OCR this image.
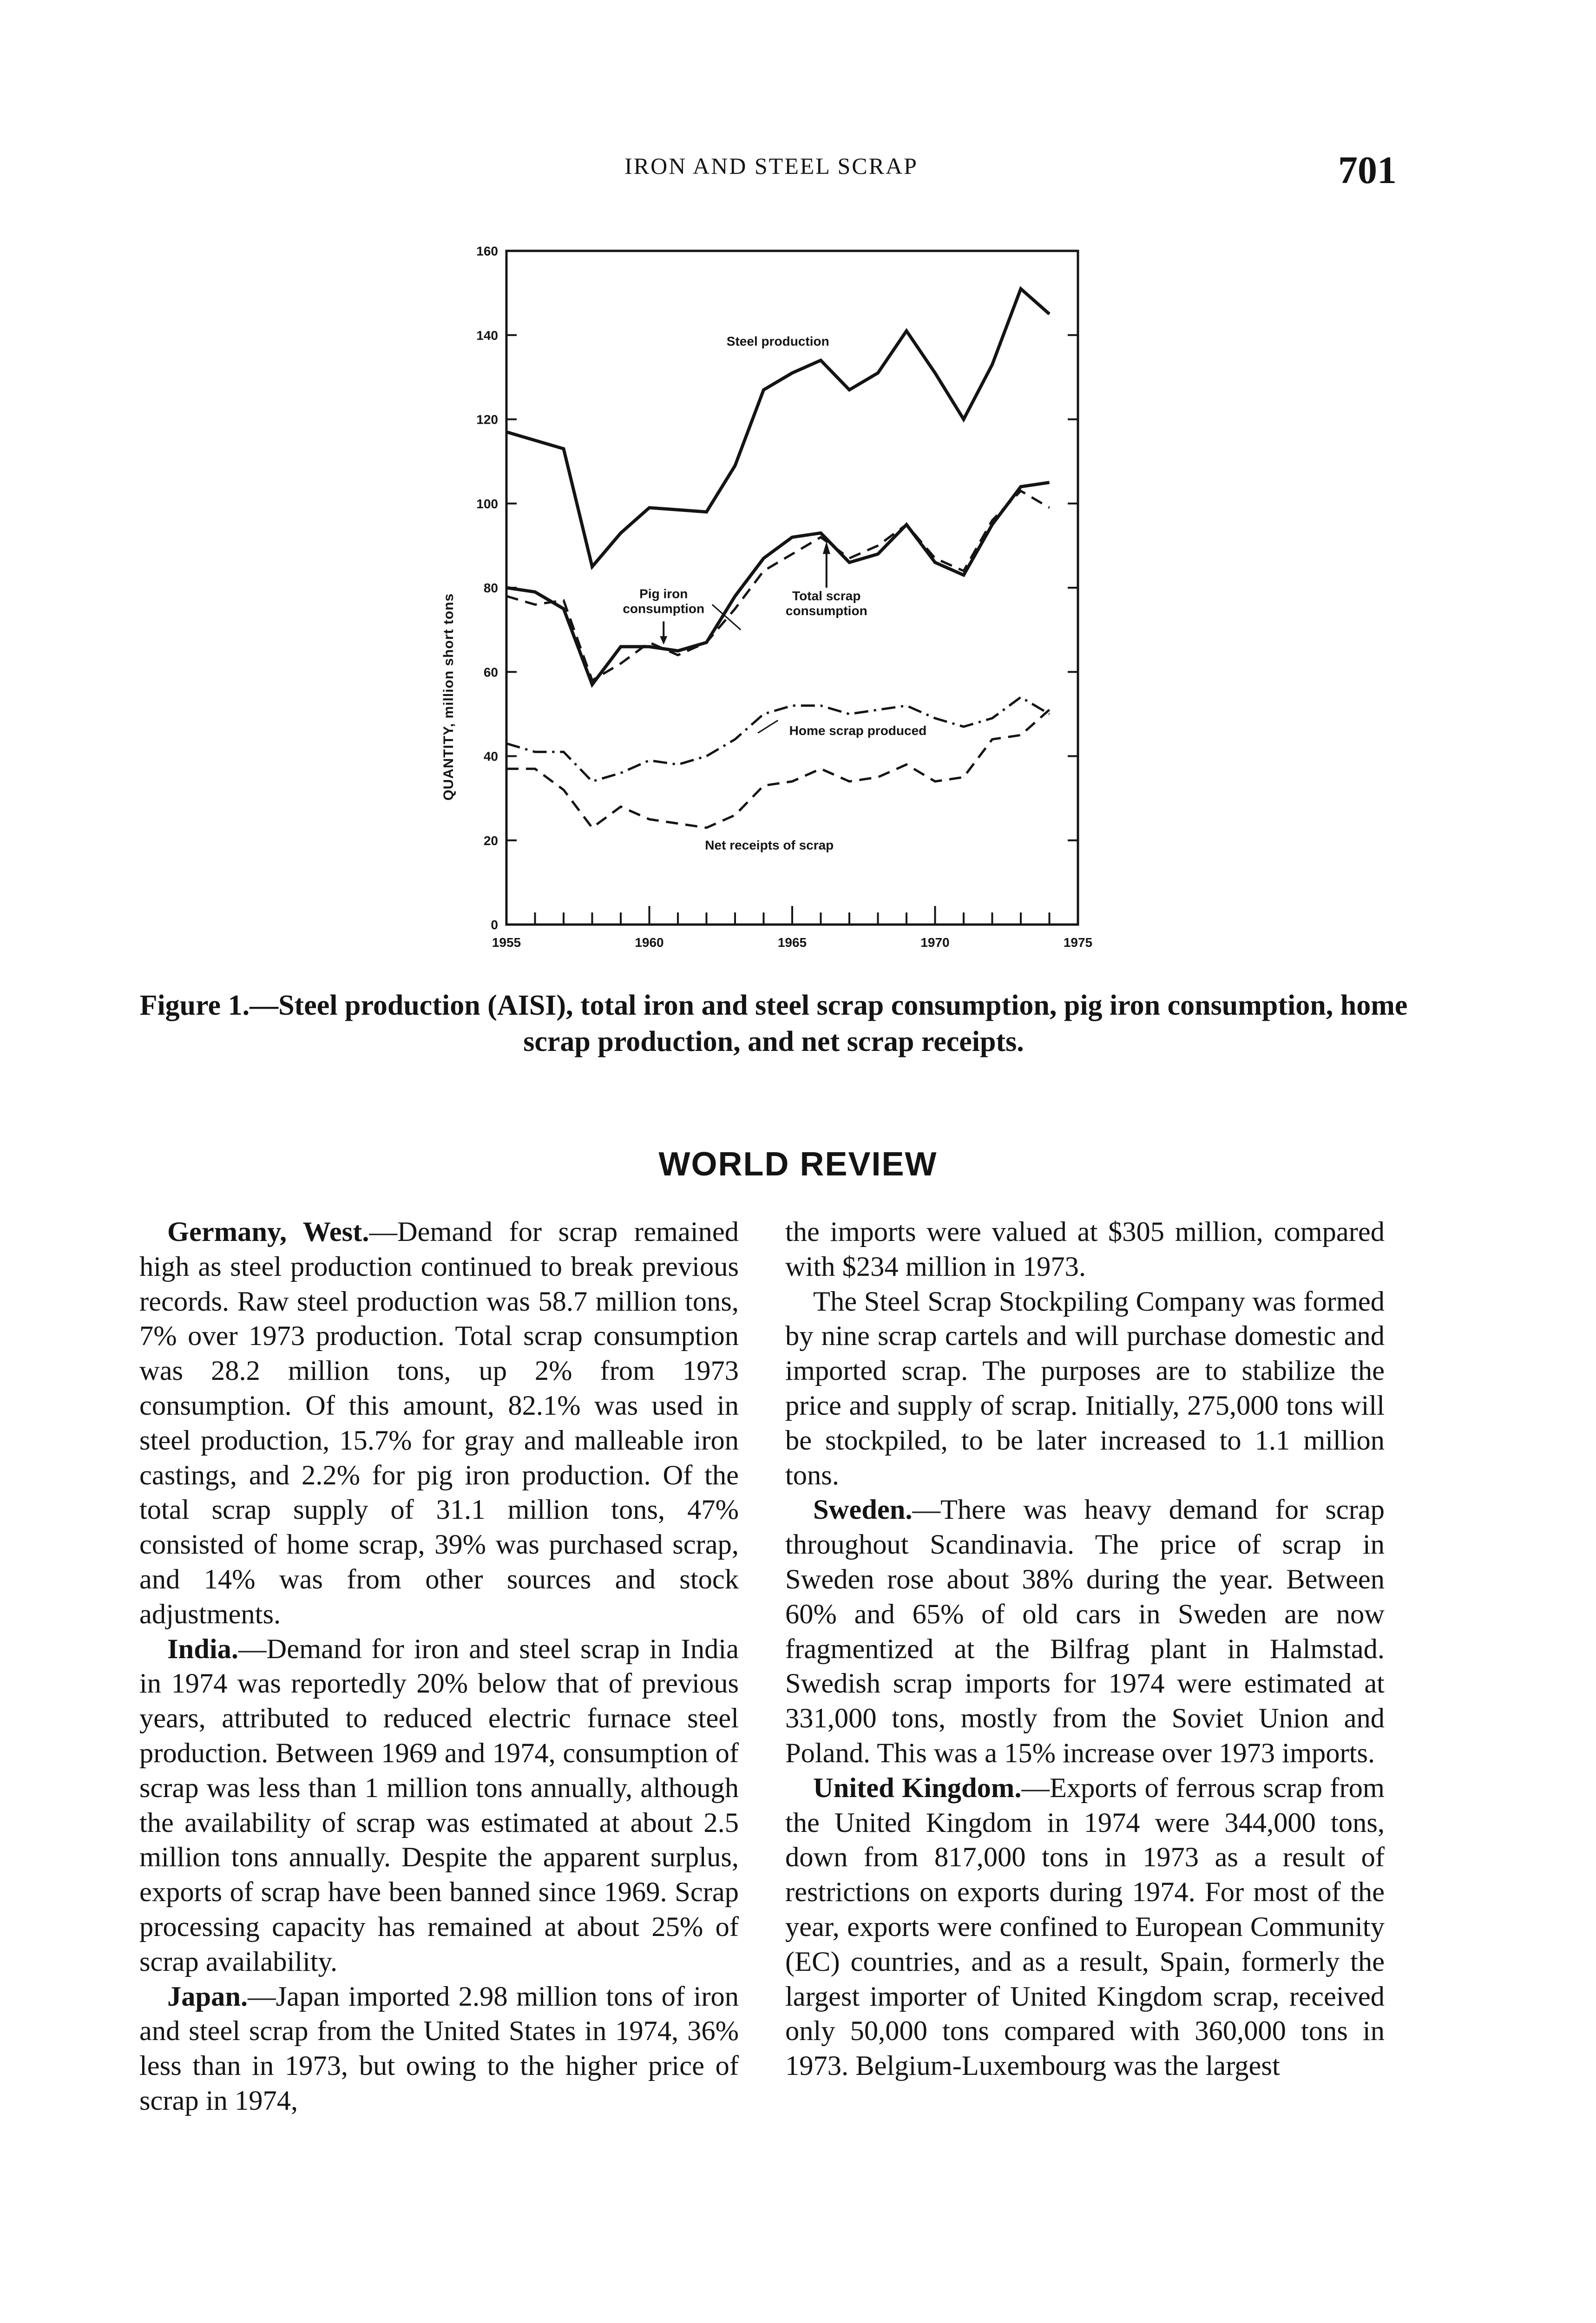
IRON AND STEEL SCRAP	701
0
20
40
60
80
100
120
140
160
1955	1960	1965	1970	1975
Steel production
Pig iron
consumption
Total scrap
consumption
Home scrap produced
Net receipts of scrap
QUANTITY, million short tons

Figure 1.—Steel production (AISI), total iron and steel scrap consumption, pig iron consumption, home scrap production, and net scrap receipts.

WORLD REVIEW

Germany, West.—Demand for scrap remained high as steel production continued to break previous records. Raw steel production was 58.7 million tons, 7% over 1973 production. Total scrap consumption was 28.2 million tons, up 2% from 1973 consumption. Of this amount, 82.1% was used in steel production, 15.7% for gray and malleable iron castings, and 2.2% for pig iron production. Of the total scrap supply of 31.1 million tons, 47% consisted of home scrap, 39% was purchased scrap, and 14% was from other sources and stock adjustments.

India.—Demand for iron and steel scrap in India in 1974 was reportedly 20% below that of previous years, attributed to reduced electric furnace steel production. Between 1969 and 1974, consumption of scrap was less than 1 million tons annually, although the availability of scrap was estimated at about 2.5 million tons annually. Despite the apparent surplus, exports of scrap have been banned since 1969. Scrap processing capacity has remained at about 25% of scrap availability.

Japan.—Japan imported 2.98 million tons of iron and steel scrap from the United States in 1974, 36% less than in 1973, but owing to the higher price of scrap in 1974,

the imports were valued at $305 million, compared with $234 million in 1973.

The Steel Scrap Stockpiling Company was formed by nine scrap cartels and will purchase domestic and imported scrap. The purposes are to stabilize the price and supply of scrap. Initially, 275,000 tons will be stockpiled, to be later increased to 1.1 million tons.

Sweden.—There was heavy demand for scrap throughout Scandinavia. The price of scrap in Sweden rose about 38% during the year. Between 60% and 65% of old cars in Sweden are now fragmentized at the Bilfrag plant in Halmstad. Swedish scrap imports for 1974 were estimated at 331,000 tons, mostly from the Soviet Union and Poland. This was a 15% increase over 1973 imports.

United Kingdom.—Exports of ferrous scrap from the United Kingdom in 1974 were 344,000 tons, down from 817,000 tons in 1973 as a result of restrictions on exports during 1974. For most of the year, exports were confined to European Community (EC) countries, and as a result, Spain, formerly the largest importer of United Kingdom scrap, received only 50,000 tons compared with 360,000 tons in 1973. Belgium-Luxembourg was the largest
